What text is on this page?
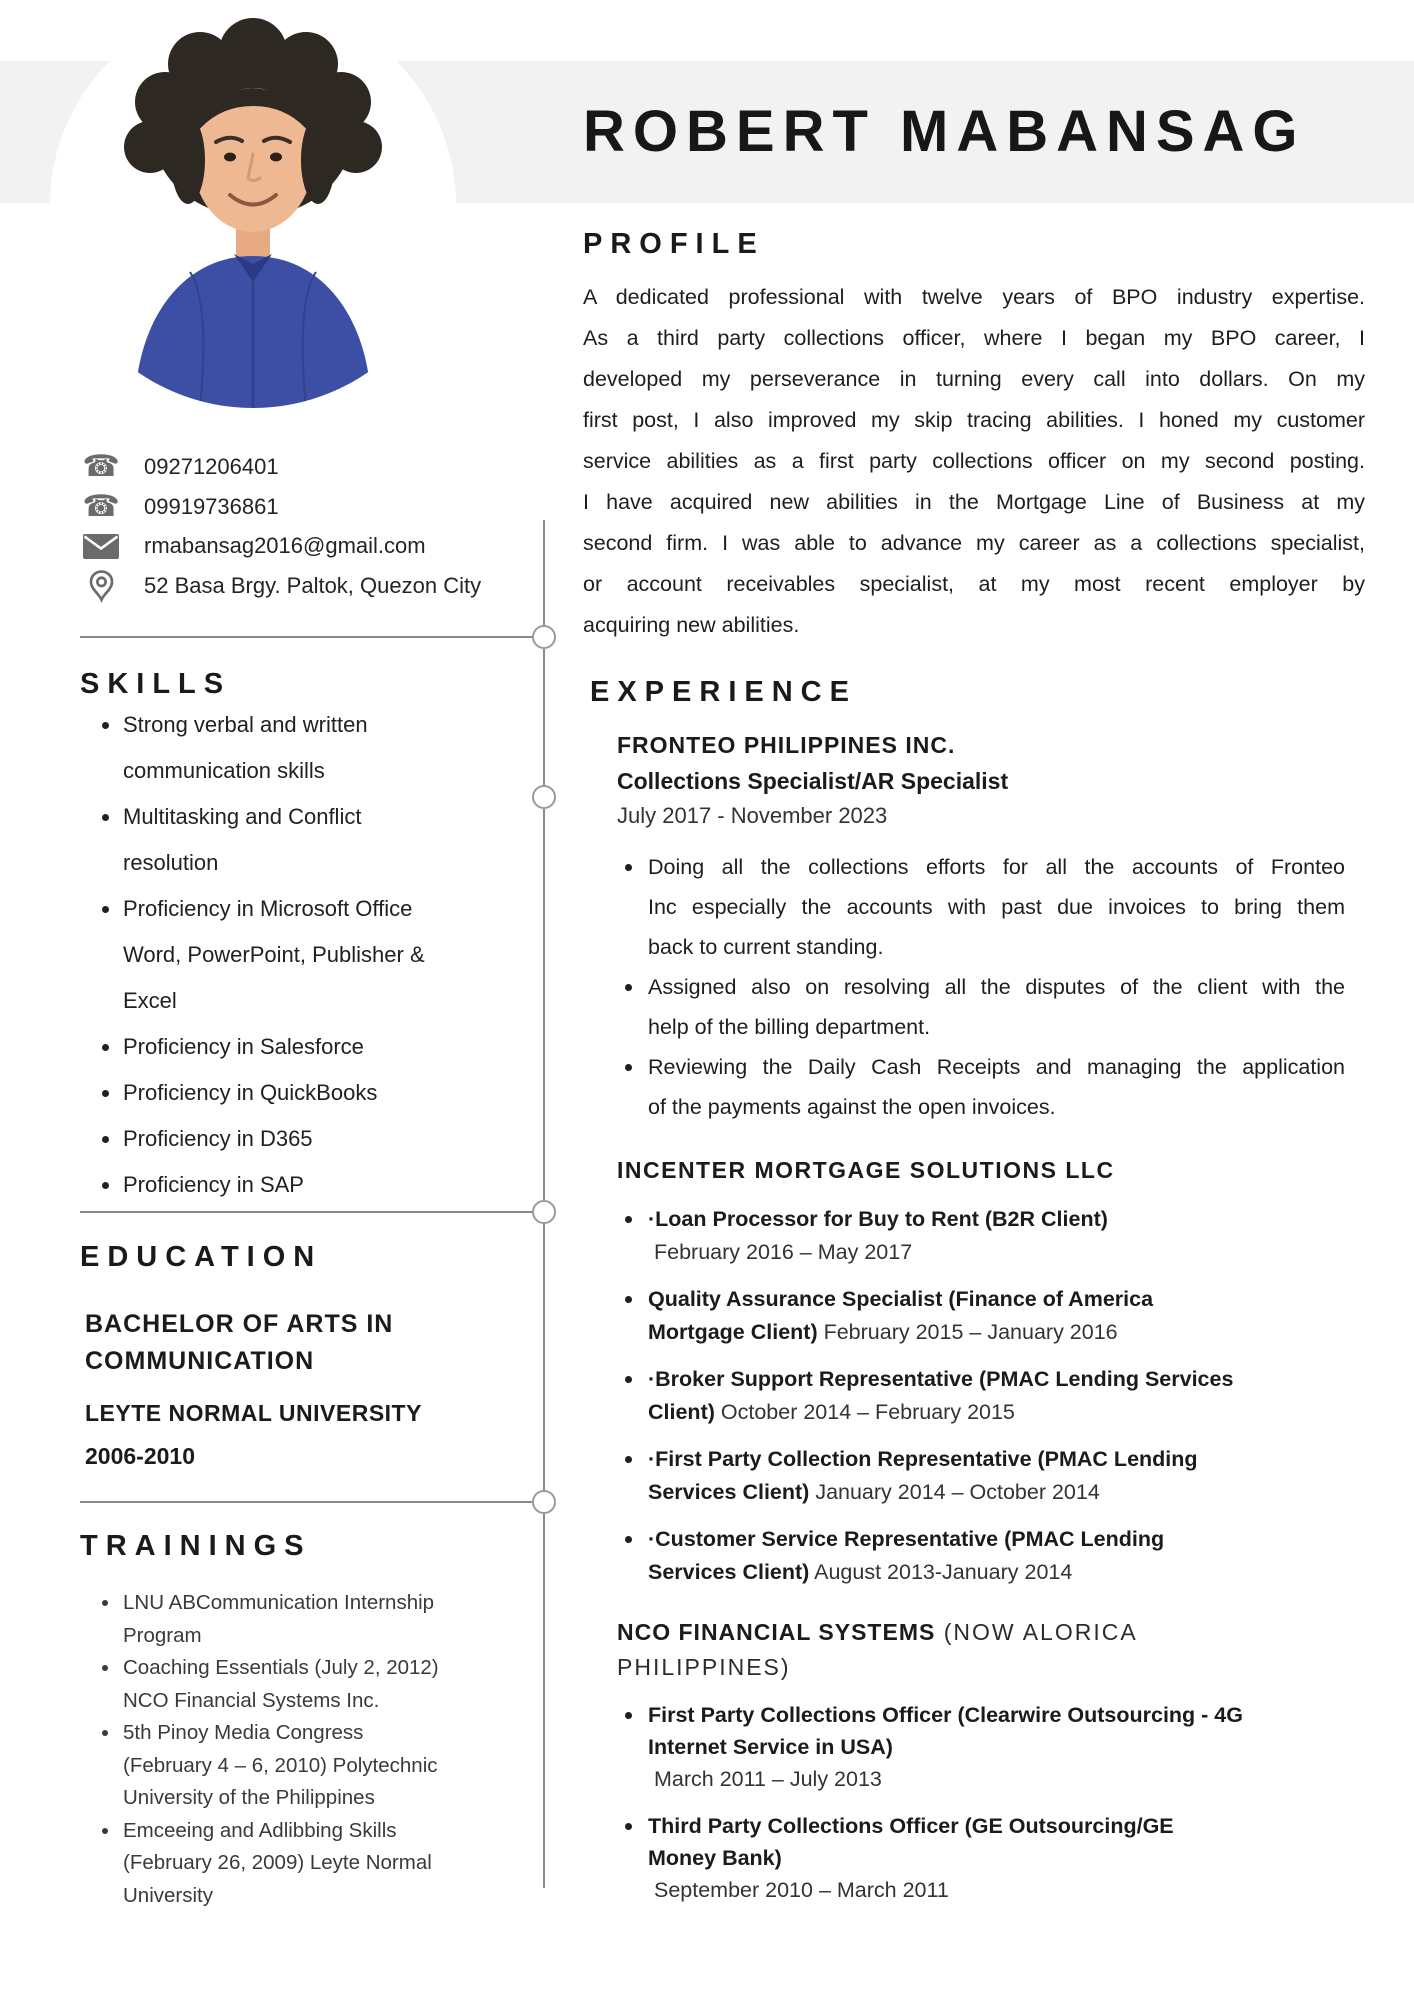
ROBERT MABANSAG
☎ 09271206401
☎ 09919736861
rmabansag2016@gmail.com
52 Basa Brgy. Paltok, Quezon City
SKILLS
Strong verbal and written communication skills
Multitasking and Conflict resolution
Proficiency in Microsoft Office Word, PowerPoint, Publisher & Excel
Proficiency in Salesforce
Proficiency in QuickBooks
Proficiency in D365
Proficiency in SAP
EDUCATION
BACHELOR OF ARTS IN COMMUNICATION
LEYTE NORMAL UNIVERSITY
2006-2010
TRAININGS
LNU ABCommunication Internship
Program
Coaching Essentials (July 2, 2012)
NCO Financial Systems Inc.
5th Pinoy Media Congress
(February 4 – 6, 2010) Polytechnic
University of the Philippines
Emceeing and Adlibbing Skills
(February 26, 2009) Leyte Normal
University
PROFILE
A dedicated professional with twelve years of BPO industry expertise.
As a third party collections officer, where I began my BPO career, I
developed my perseverance in turning every call into dollars. On my
first post, I also improved my skip tracing abilities. I honed my customer
service abilities as a first party collections officer on my second posting.
I have acquired new abilities in the Mortgage Line of Business at my
second firm. I was able to advance my career as a collections specialist,
or account receivables specialist, at my most recent employer by
acquiring new abilities.
EXPERIENCE
FRONTEO PHILIPPINES INC.
Collections Specialist/AR Specialist
July 2017 - November 2023
Doing all the collections efforts for all the accounts of Fronteo
Inc especially the accounts with past due invoices to bring them
back to current standing.
Assigned also on resolving all the disputes of the client with the
help of the billing department.
Reviewing the Daily Cash Receipts and managing the application
of the payments against the open invoices.
INCENTER MORTGAGE SOLUTIONS LLC
·Loan Processor for Buy to Rent (B2R Client)
February 2016 – May 2017
Quality Assurance Specialist (Finance of America
Mortgage Client) February 2015 – January 2016
·Broker Support Representative (PMAC Lending Services
Client) October 2014 – February 2015
·First Party Collection Representative (PMAC Lending
Services Client) January 2014 – October 2014
·Customer Service Representative (PMAC Lending
Services Client) August 2013-January 2014
NCO FINANCIAL SYSTEMS (NOW ALORICA
PHILIPPINES)
First Party Collections Officer (Clearwire Outsourcing - 4G
Internet Service in USA)
March 2011 – July 2013
Third Party Collections Officer (GE Outsourcing/GE
Money Bank)
September 2010 – March 2011
